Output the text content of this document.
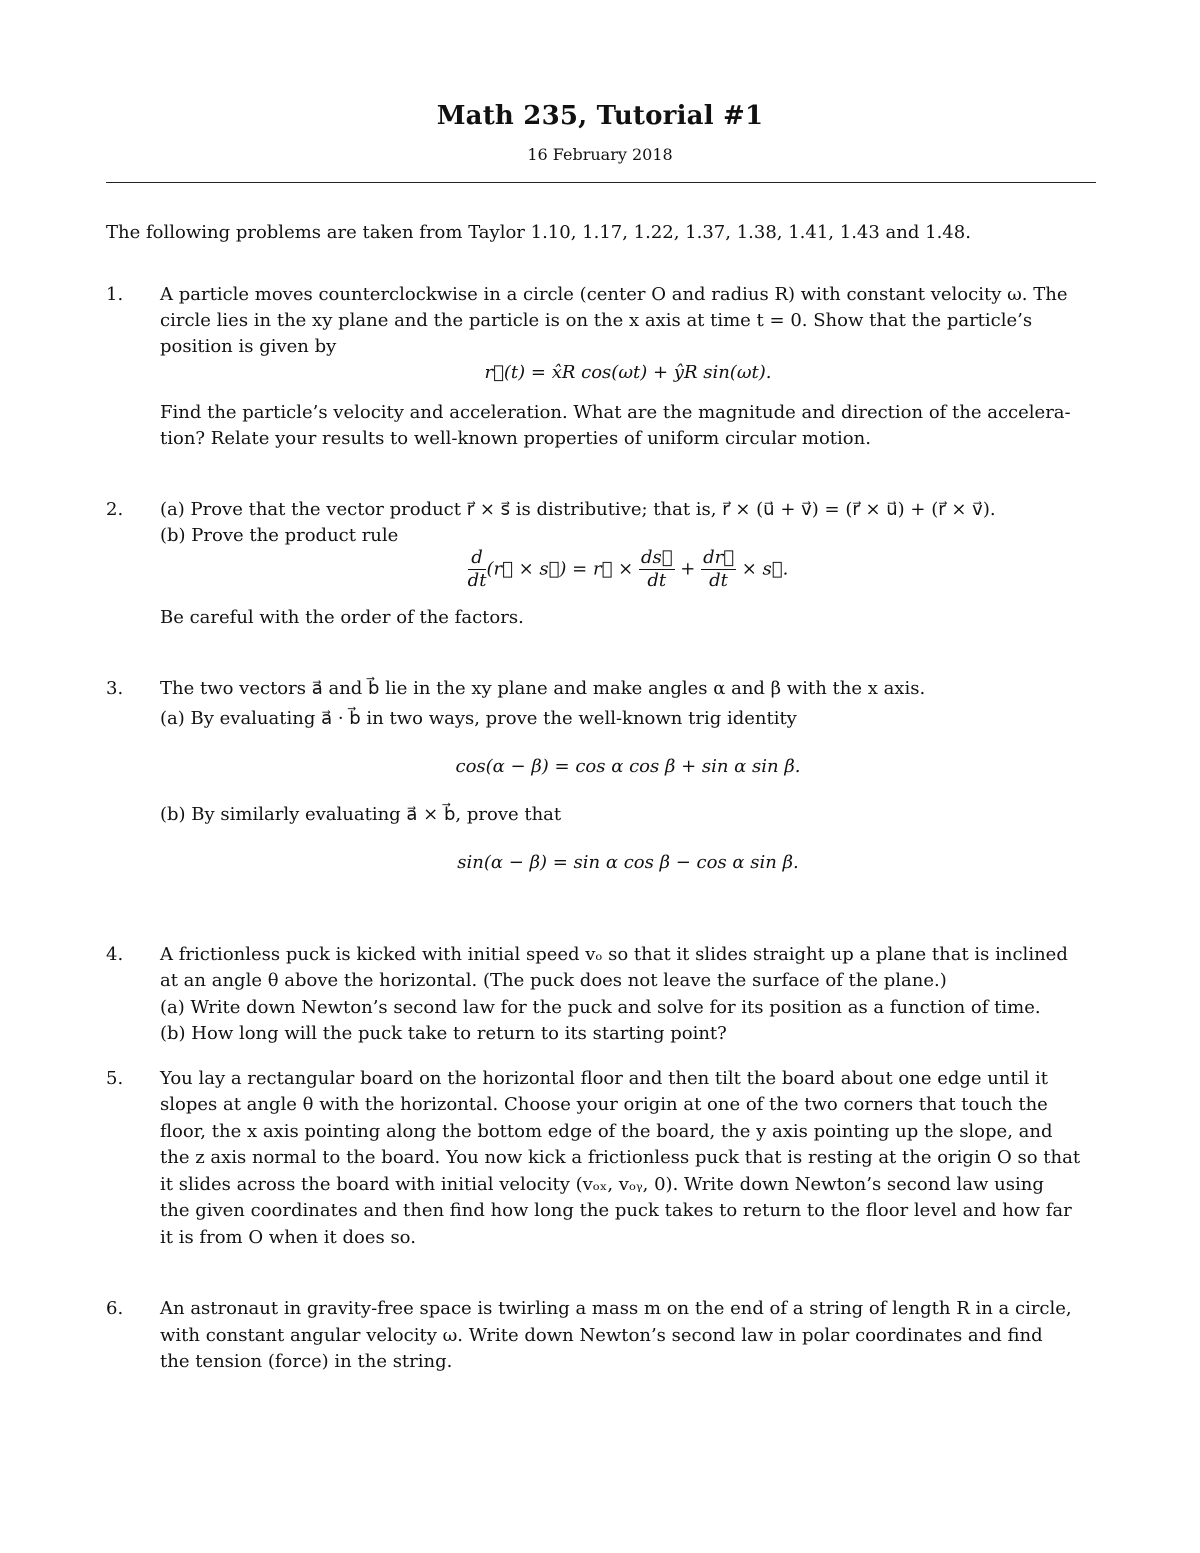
Math 235, Tutorial #1
16 February 2018
The following problems are taken from Taylor 1.10, 1.17, 1.22, 1.37, 1.38, 1.41, 1.43 and 1.48.
1. A particle moves counterclockwise in a circle (center O and radius R) with constant velocity ω. The
circle lies in the xy plane and the particle is on the x axis at time t = 0. Show that the particle’s
position is given by
r⃗(t) = x̂R cos(ωt) + ŷR sin(ωt).
Find the particle’s velocity and acceleration. What are the magnitude and direction of the accelera-
tion? Relate your results to well-known properties of uniform circular motion.
2. (a) Prove that the vector product r⃗ × s⃗ is distributive; that is, r⃗ × (u⃗ + v⃗) = (r⃗ × u⃗) + (r⃗ × v⃗).
(b) Prove the product rule
$\frac{d}{dt}$ (r⃗ × s⃗) = r⃗ × $\frac{ds⃗}{dt} + \frac{dr⃗}{dt}$ × s⃗.
Be careful with the order of the factors.
3. The two vectors a⃗ and b⃗ lie in the xy plane and make angles α and β with the x axis.
(a) By evaluating a⃗ · b⃗ in two ways, prove the well-known trig identity
cos(α − β) = cos α cos β + sin α sin β.
(b) By similarly evaluating a⃗ × b⃗, prove that
sin(α − β) = sin α cos β − cos α sin β.
4. A frictionless puck is kicked with initial speed vₒ so that it slides straight up a plane that is inclined
at an angle θ above the horizontal. (The puck does not leave the surface of the plane.)
(a) Write down Newton’s second law for the puck and solve for its position as a function of time.
(b) How long will the puck take to return to its starting point?
5. You lay a rectangular board on the horizontal floor and then tilt the board about one edge until it
slopes at angle θ with the horizontal. Choose your origin at one of the two corners that touch the
floor, the x axis pointing along the bottom edge of the board, the y axis pointing up the slope, and
the z axis normal to the board. You now kick a frictionless puck that is resting at the origin O so that
it slides across the board with initial velocity (vₒₓ, vₒᵧ, 0). Write down Newton’s second law using
the given coordinates and then find how long the puck takes to return to the floor level and how far
it is from O when it does so.
6. An astronaut in gravity-free space is twirling a mass m on the end of a string of length R in a circle,
with constant angular velocity ω. Write down Newton’s second law in polar coordinates and find
the tension (force) in the string.
